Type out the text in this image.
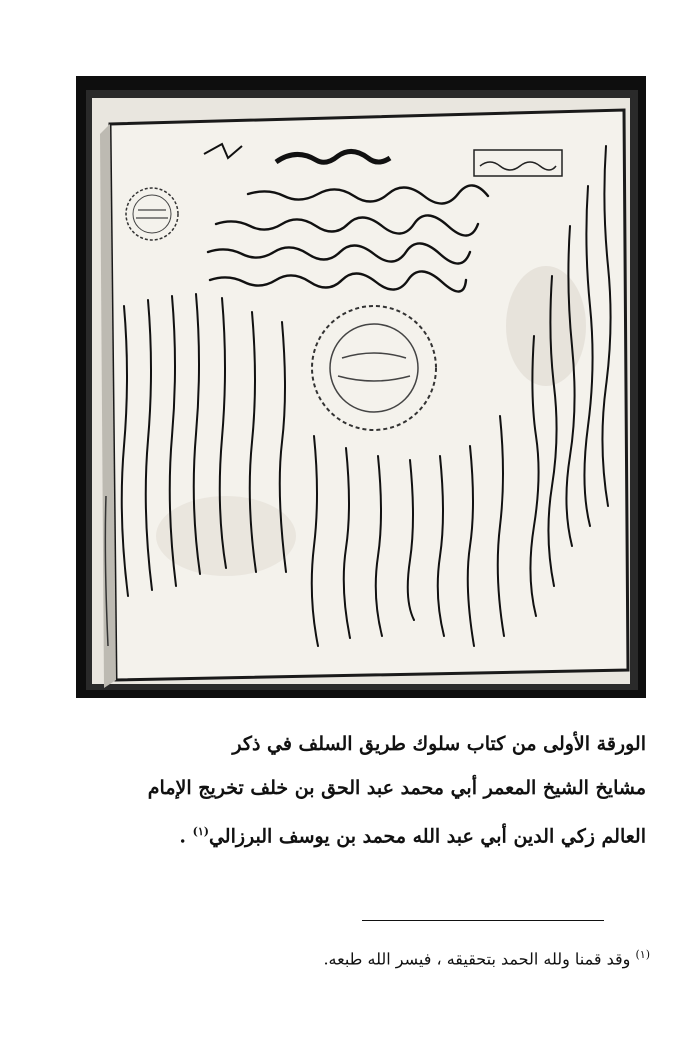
الورقة الأولى من كتاب سلوك طريق السلف في ذكر
مشايخ الشيخ المعمر أبي محمد عبد الحق بن خلف تخريج الإمام
العالم زكي الدين أبي عبد الله محمد بن يوسف البرزالي$^{(١)}$ .
$^{(١)}$ وقد قمنا ولله الحمد بتحقيقه ، فيسر الله طبعه.
